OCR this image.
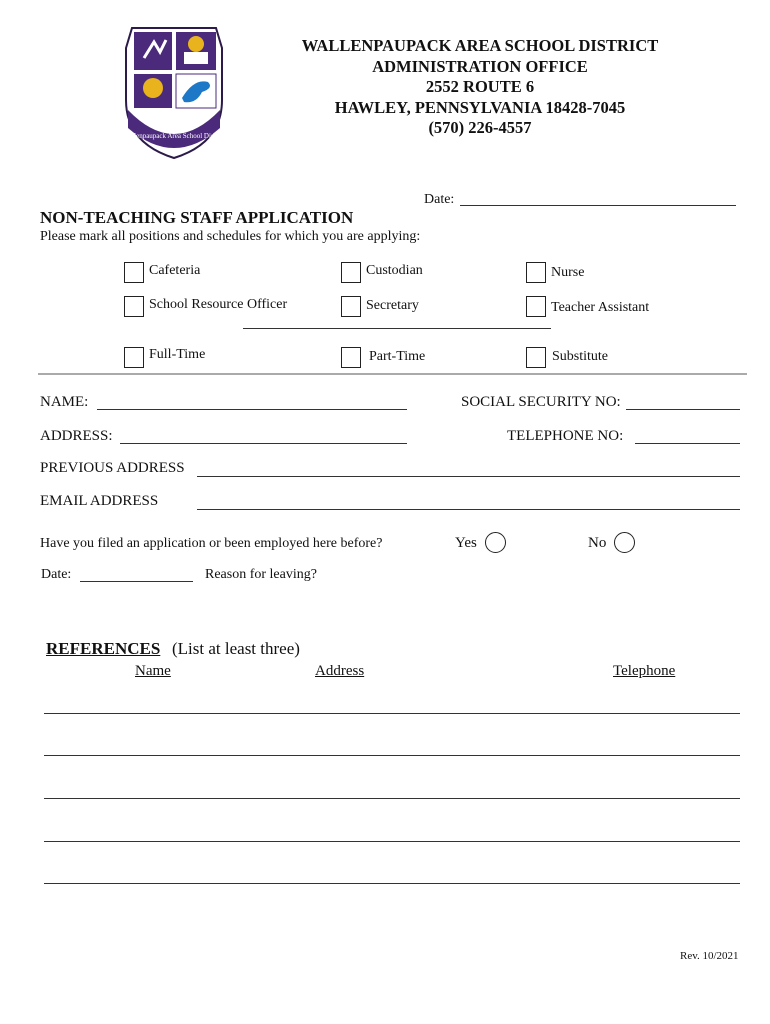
Wallenpaupack Area School District
WALLENPAUPACK AREA SCHOOL DISTRICT
ADMINISTRATION OFFICE
2552 ROUTE 6
HAWLEY, PENNSYLVANIA 18428-7045
(570) 226-4557
Date:
NON-TEACHING STAFF APPLICATION
Please mark all positions and schedules for which you are applying:
Cafeteria	Custodian	Nurse
School Resource Officer	Secretary	Teacher Assistant
Full-Time	Part-Time	Substitute
NAME:	SOCIAL SECURITY NO:
ADDRESS:	TELEPHONE NO:
PREVIOUS ADDRESS
EMAIL ADDRESS
Have you filed an application or been employed here before?	Yes	No
Date:	Reason for leaving?
REFERENCES (List at least three)
Name	Address	Telephone
Rev. 10/2021
